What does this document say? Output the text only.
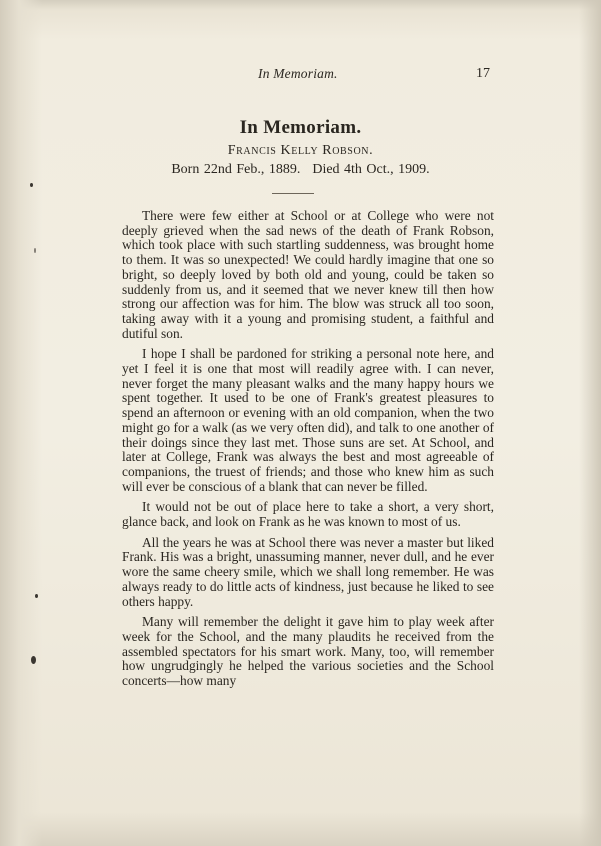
In Memoriam.	17
In Memoriam.
Francis Kelly Robson.
Born 22nd Feb., 1889. Died 4th Oct., 1909.

There were few either at School or at College who were not deeply grieved when the sad news of the death of Frank Robson, which took place with such startling suddenness, was brought home to them. It was so unexpected! We could hardly imagine that one so bright, so deeply loved by both old and young, could be taken so suddenly from us, and it seemed that we never knew till then how strong our affection was for him. The blow was struck all too soon, taking away with it a young and promising student, a faithful and dutiful son.

I hope I shall be pardoned for striking a personal note here, and yet I feel it is one that most will readily agree with. I can never, never forget the many pleasant walks and the many happy hours we spent together. It used to be one of Frank's greatest pleasures to spend an afternoon or evening with an old companion, when the two might go for a walk (as we very often did), and talk to one another of their doings since they last met. Those suns are set. At School, and later at College, Frank was always the best and most agreeable of companions, the truest of friends; and those who knew him as such will ever be conscious of a blank that can never be filled.

It would not be out of place here to take a short, a very short, glance back, and look on Frank as he was known to most of us.

All the years he was at School there was never a master but liked Frank. His was a bright, unassuming manner, never dull, and he ever wore the same cheery smile, which we shall long remember. He was always ready to do little acts of kindness, just because he liked to see others happy.

Many will remember the delight it gave him to play week after week for the School, and the many plaudits he received from the assembled spectators for his smart work. Many, too, will remember how ungrudgingly he helped the various societies and the School concerts—how many
